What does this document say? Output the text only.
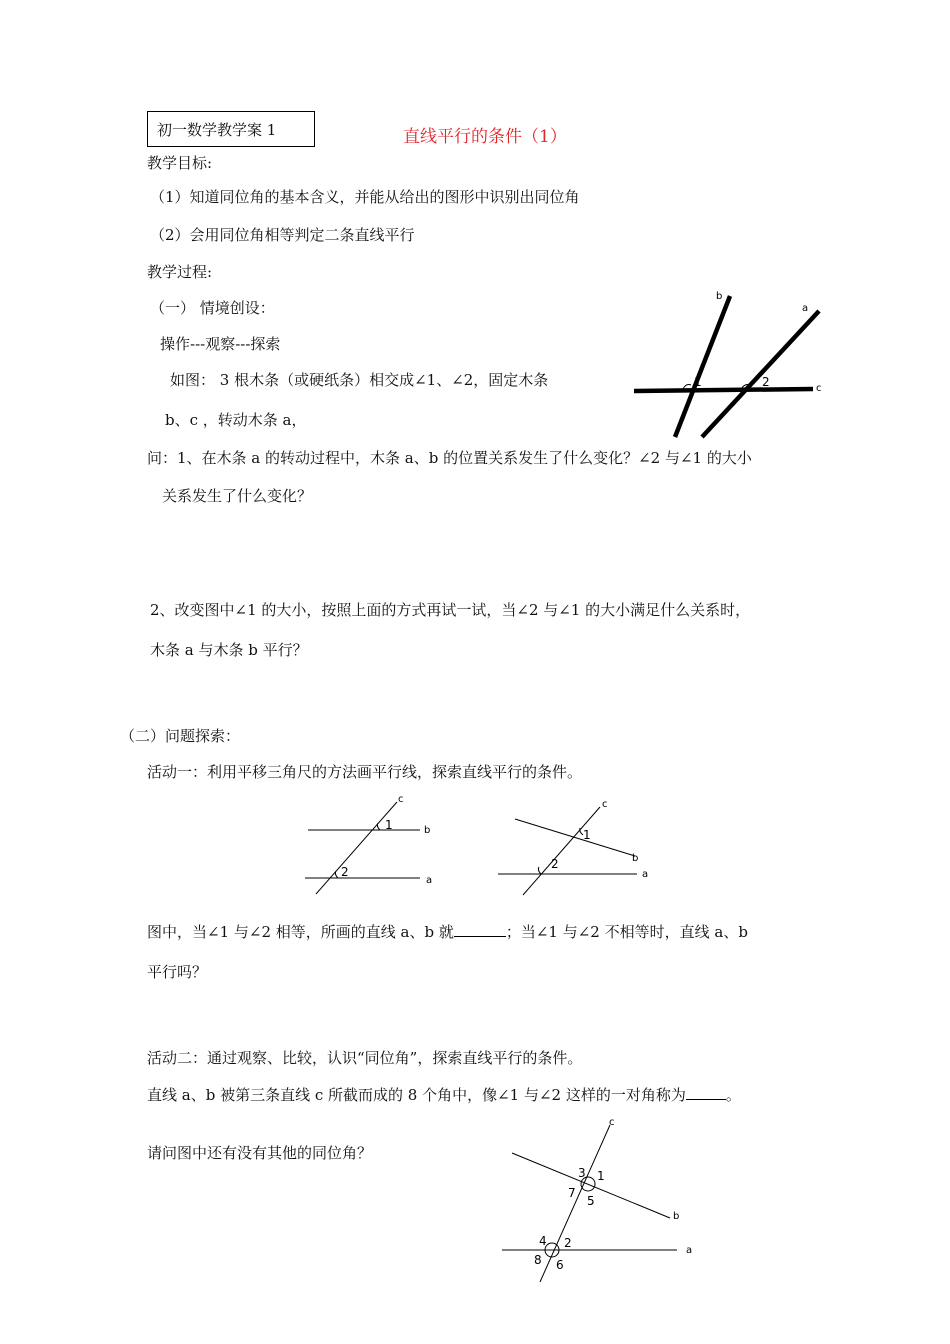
初一数学教学案 1	直线平行的条件（1）
教学目标:
（1）知道同位角的基本含义，并能从给出的图形中识别出同位角
（2）会用同位角相等判定二条直线平行
教学过程:
（一） 情境创设：
操作---观察---探索
如图： 3 根木条（或硬纸条）相交成∠1、∠2，固定木条
b、c ，转动木条 a，
问：1、在木条 a 的转动过程中，木条 a、b 的位置关系发生了什么变化？∠2 与∠1 的大小
关系发生了什么变化？
2、改变图中∠1 的大小，按照上面的方式再试一试，当∠2 与∠1 的大小满足什么关系时，
木条 a 与木条 b 平行？
b
a
c
1	2
（二）问题探索：
活动一：利用平移三角尺的方法画平行线，探索直线平行的条件。
c
b
a
1
2
c
b
a
1
2
图中，当∠1 与∠2 相等，所画的直线 a、b 就	；当∠1 与∠2 不相等时，直线 a、b
平行吗？
活动二：通过观察、比较，认识“同位角”，探索直线平行的条件。
直线 a、b 被第三条直线 c 所截而成的 8 个角中，像∠1 与∠2 这样的一对角称为	。
请问图中还有没有其他的同位角？
c
b
a
1
2
3
4
5
6
7
8
